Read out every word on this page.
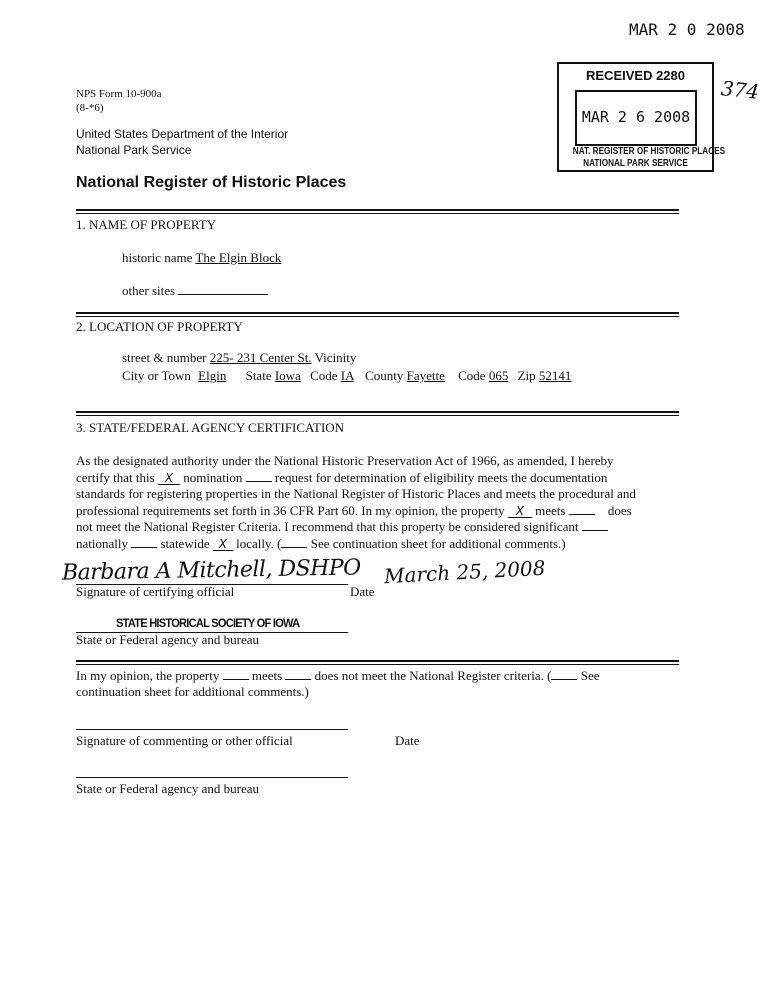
MAR 2 0 2008
RECEIVED 2280
MAR 2 6 2008
NAT. REGISTER OF HISTORIC PLACES
NATIONAL PARK SERVICE
374
NPS Form 10-900a
(8-*6)
United States Department of the Interior
National Park Service
National Register of Historic Places
1. NAME OF PROPERTY
historic name The Elgin Block
other sites
2. LOCATION OF PROPERTY
street & number 225- 231 Center St. Vicinity
City or Town Elgin State Iowa Code IA County Fayette Code 065 Zip 52141
3. STATE/FEDERAL AGENCY CERTIFICATION
As the designated authority under the National Historic Preservation Act of 1966, as amended, I hereby
certify that this X nomination	request for determination of eligibility meets the documentation
standards for registering properties in the National Register of Historic Places and meets the procedural and
professional requirements set forth in 36 CFR Part 60. In my opinion, the property X meets	does
not meet the National Register Criteria. I recommend that this property be considered significant
nationally	statewide X locally. ( See continuation sheet for additional comments.)
Barbara A Mitchell, DSHPO March 25, 2008
Signature of certifying official	Date
STATE HISTORICAL SOCIETY OF IOWA
State or Federal agency and bureau
In my opinion, the property	meets	does not meet the National Register criteria. ( See
continuation sheet for additional comments.)
Signature of commenting or other official	Date
State or Federal agency and bureau
